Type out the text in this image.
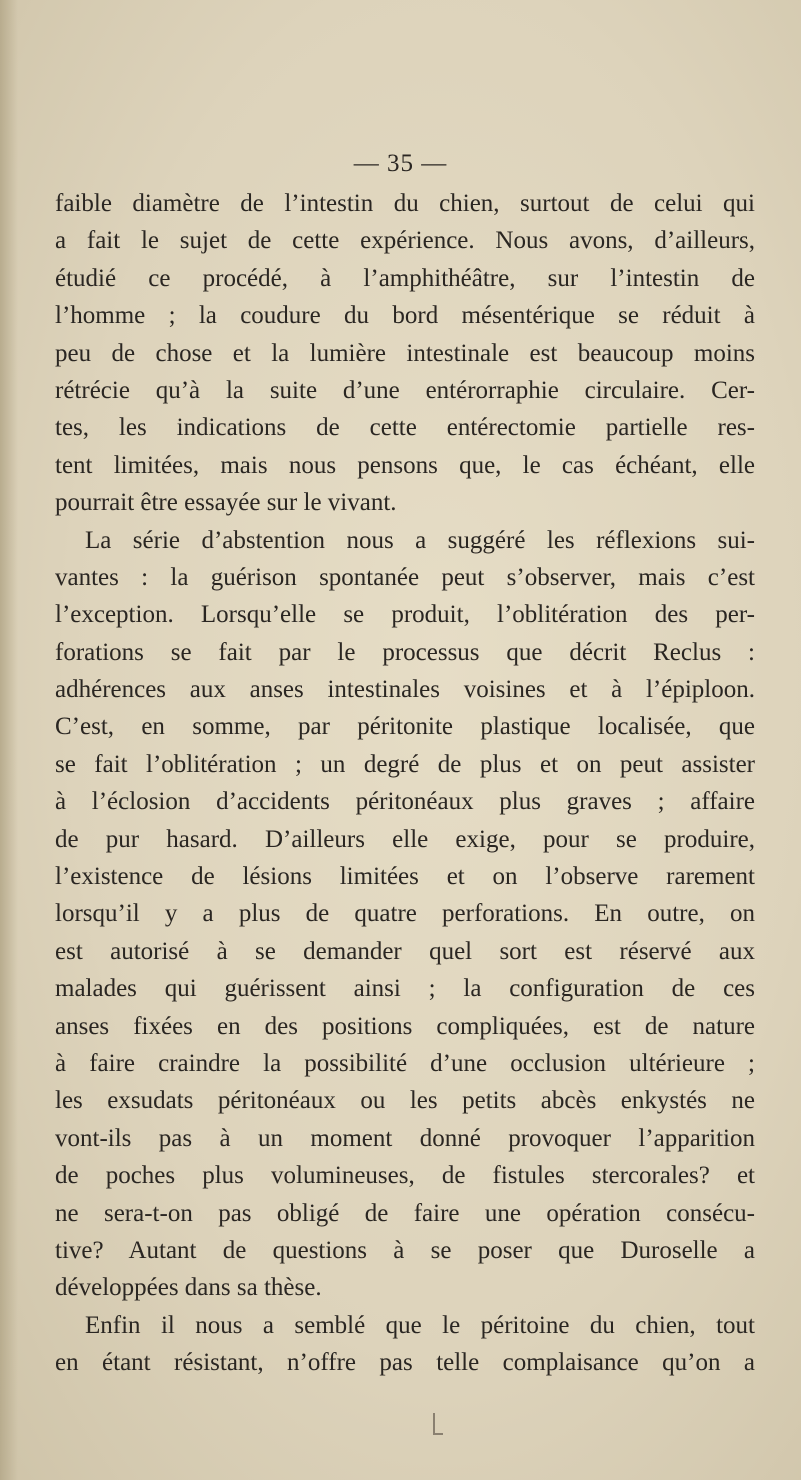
— 35 —
faible diamètre de l’intestin du chien, surtout de celui qui
a fait le sujet de cette expérience. Nous avons, d’ailleurs,
étudié ce procédé, à l’amphithéâtre, sur l’intestin de
l’homme ; la coudure du bord mésentérique se réduit à
peu de chose et la lumière intestinale est beaucoup moins
rétrécie qu’à la suite d’une entérorraphie circulaire. Cer-
tes, les indications de cette entérectomie partielle res-
tent limitées, mais nous pensons que, le cas échéant, elle
pourrait être essayée sur le vivant.
La série d’abstention nous a suggéré les réflexions sui-
vantes : la guérison spontanée peut s’observer, mais c’est
l’exception. Lorsqu’elle se produit, l’oblitération des per-
forations se fait par le processus que décrit Reclus :
adhérences aux anses intestinales voisines et à l’épiploon.
C’est, en somme, par péritonite plastique localisée, que
se fait l’oblitération ; un degré de plus et on peut assister
à l’éclosion d’accidents péritonéaux plus graves ; affaire
de pur hasard. D’ailleurs elle exige, pour se produire,
l’existence de lésions limitées et on l’observe rarement
lorsqu’il y a plus de quatre perforations. En outre, on
est autorisé à se demander quel sort est réservé aux
malades qui guérissent ainsi ; la configuration de ces
anses fixées en des positions compliquées, est de nature
à faire craindre la possibilité d’une occlusion ultérieure ;
les exsudats péritonéaux ou les petits abcès enkystés ne
vont-ils pas à un moment donné provoquer l’apparition
de poches plus volumineuses, de fistules stercorales? et
ne sera-t-on pas obligé de faire une opération consécu-
tive? Autant de questions à se poser que Duroselle a
développées dans sa thèse.
Enfin il nous a semblé que le péritoine du chien, tout
en étant résistant, n’offre pas telle complaisance qu’on a
